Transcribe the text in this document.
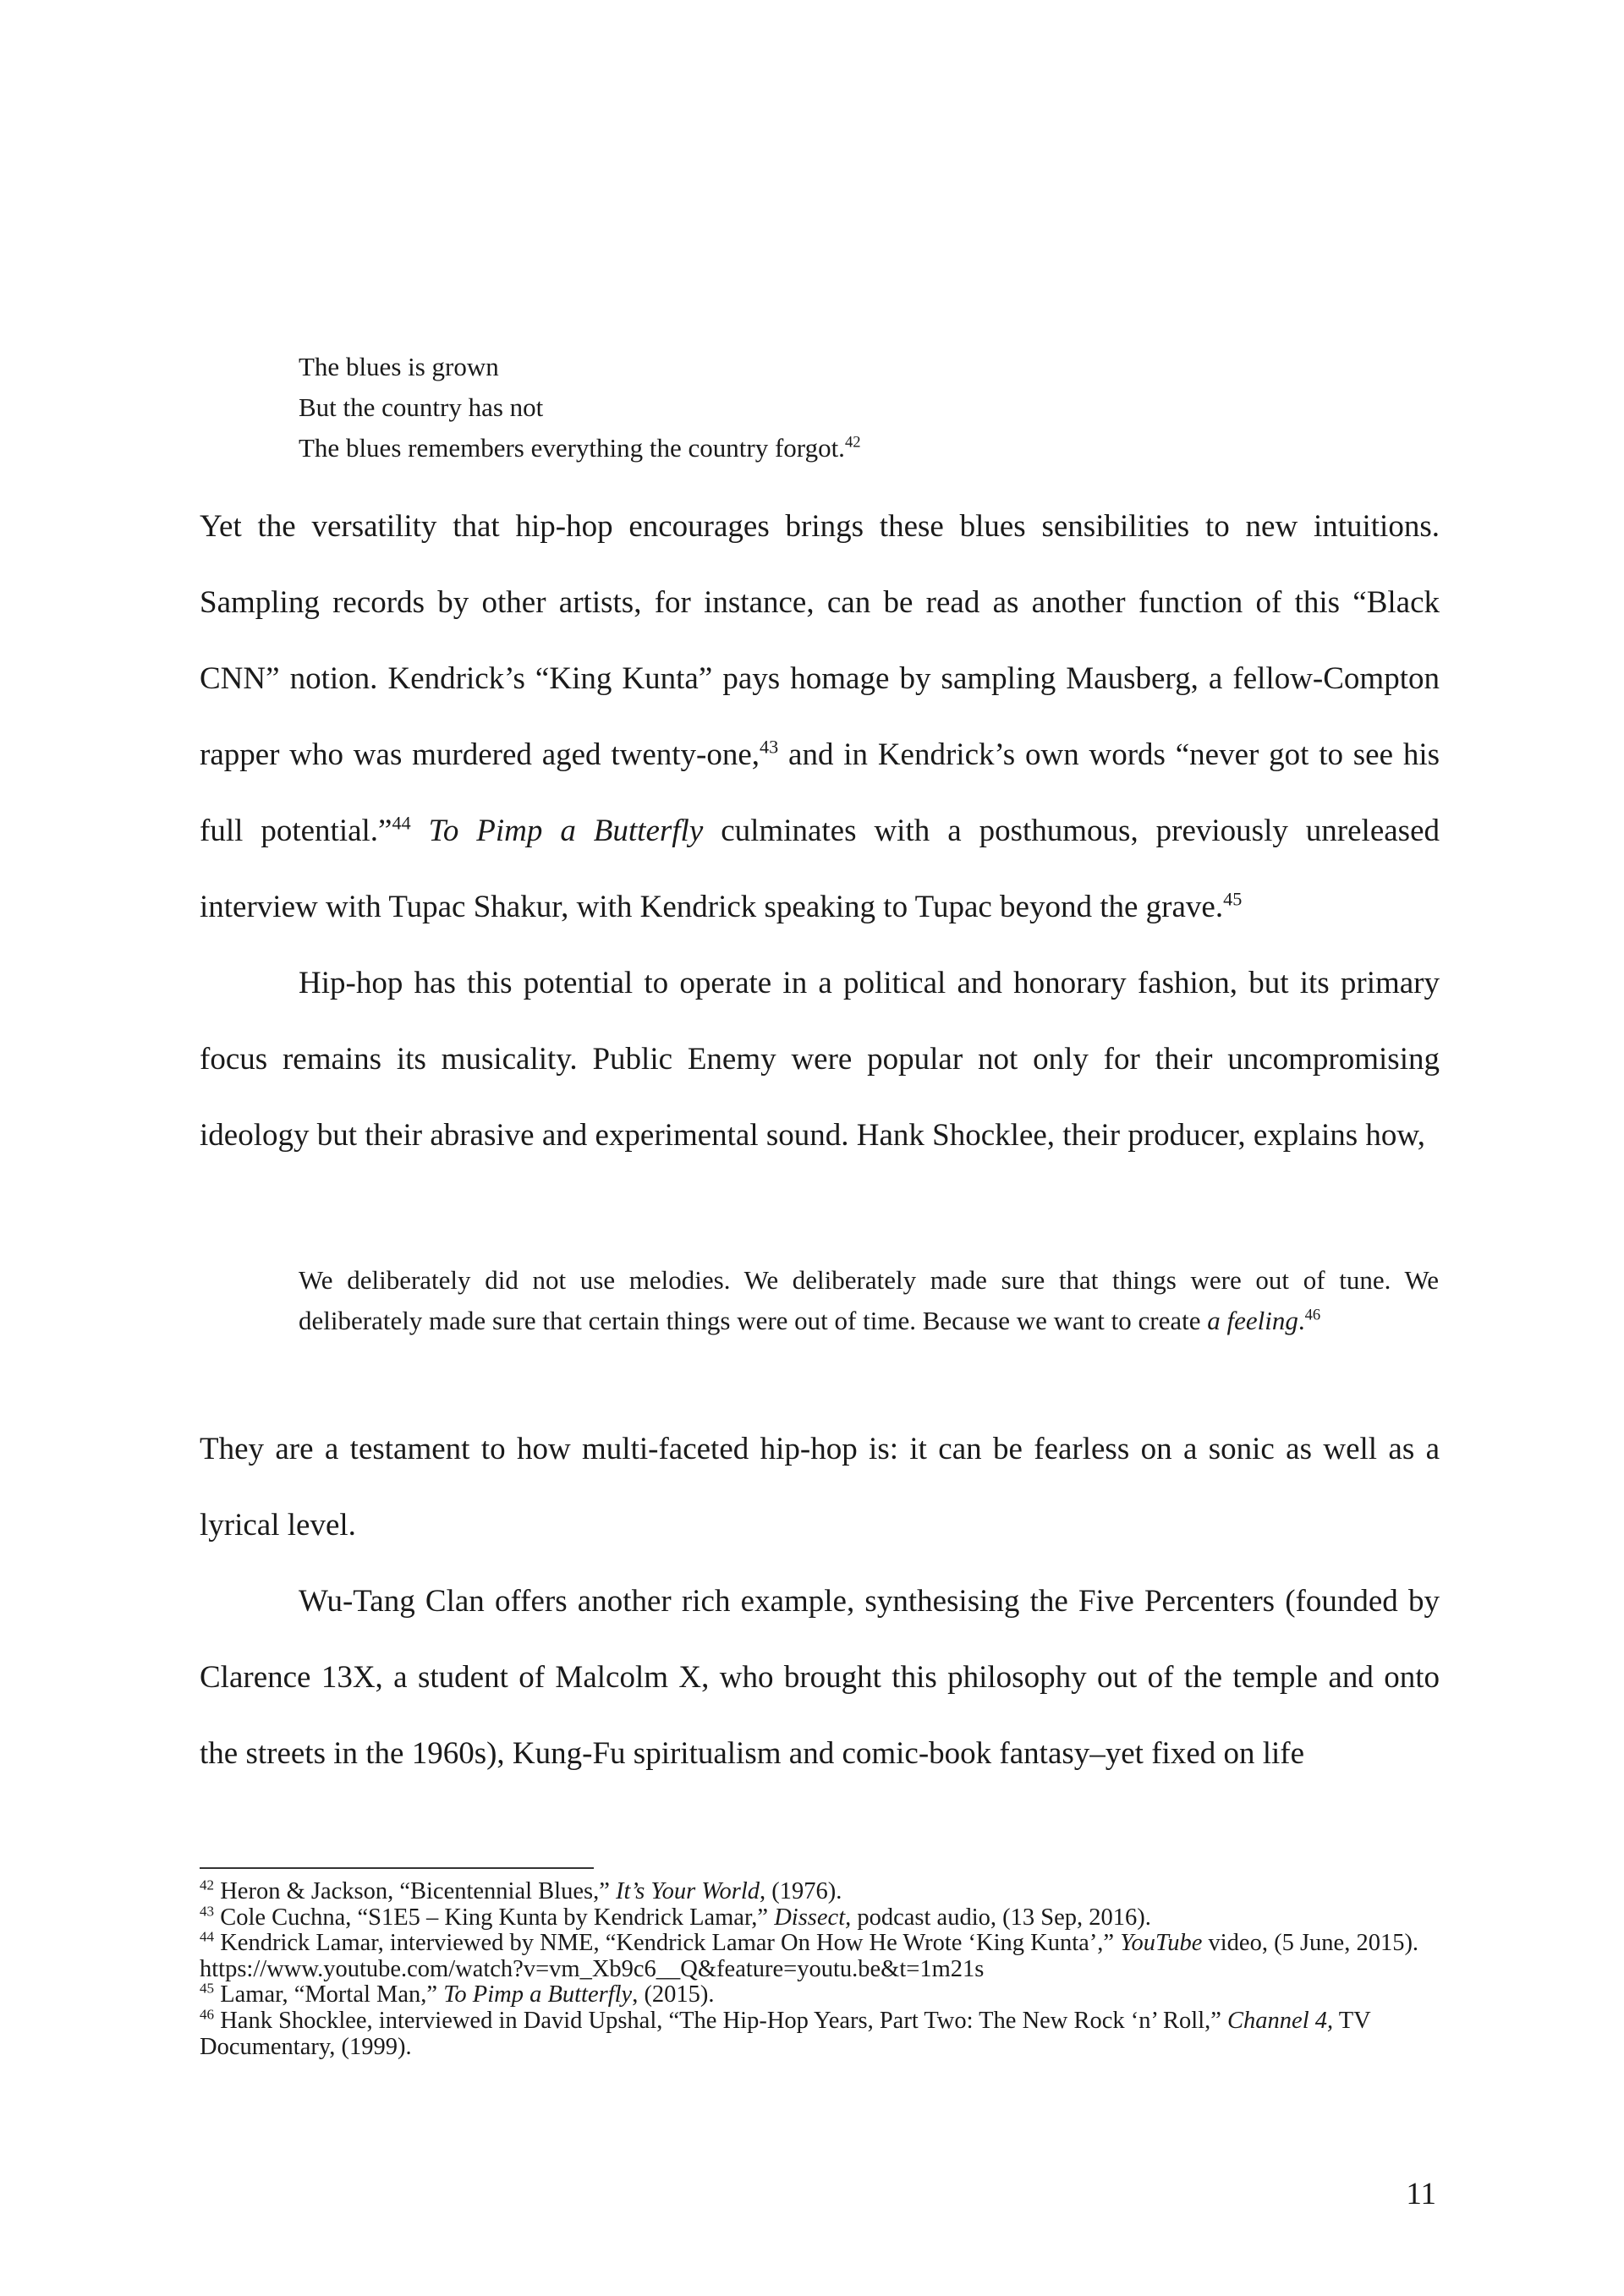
The blues is grown
But the country has not
The blues remembers everything the country forgot.$^{42}$

Yet the versatility that hip-hop encourages brings these blues sensibilities to new intuitions. Sampling records by other artists, for instance, can be read as another function of this “Black CNN” notion. Kendrick’s “King Kunta” pays homage by sampling Mausberg, a fellow-Compton rapper who was murdered aged twenty-one,$^{43}$ and in Kendrick’s own words “never got to see his full potential.”$^{44}$ To Pimp a Butterfly culminates with a posthumous, previously unreleased interview with Tupac Shakur, with Kendrick speaking to Tupac beyond the grave.$^{45}$

Hip-hop has this potential to operate in a political and honorary fashion, but its primary focus remains its musicality. Public Enemy were popular not only for their uncompromising ideology but their abrasive and experimental sound. Hank Shocklee, their producer, explains how,

We deliberately did not use melodies. We deliberately made sure that things were out of tune. We deliberately made sure that certain things were out of time. Because we want to create a feeling.$^{46}$

They are a testament to how multi-faceted hip-hop is: it can be fearless on a sonic as well as a lyrical level.

Wu-Tang Clan offers another rich example, synthesising the Five Percenters (founded by Clarence 13X, a student of Malcolm X, who brought this philosophy out of the temple and onto the streets in the 1960s), Kung-Fu spiritualism and comic-book fantasy–yet fixed on life

$^{42}$ Heron & Jackson, “Bicentennial Blues,” It’s Your World, (1976).
$^{43}$ Cole Cuchna, “S1E5 – King Kunta by Kendrick Lamar,” Dissect, podcast audio, (13 Sep, 2016).
$^{44}$ Kendrick Lamar, interviewed by NME, “Kendrick Lamar On How He Wrote ‘King Kunta’,” YouTube video, (5 June, 2015). https://www.youtube.com/watch?v=vm_Xb9c6__Q&feature=youtu.be&t=1m21s
$^{45}$ Lamar, “Mortal Man,” To Pimp a Butterfly, (2015).
$^{46}$ Hank Shocklee, interviewed in David Upshal, “The Hip-Hop Years, Part Two: The New Rock ‘n’ Roll,” Channel 4, TV Documentary, (1999).
11
